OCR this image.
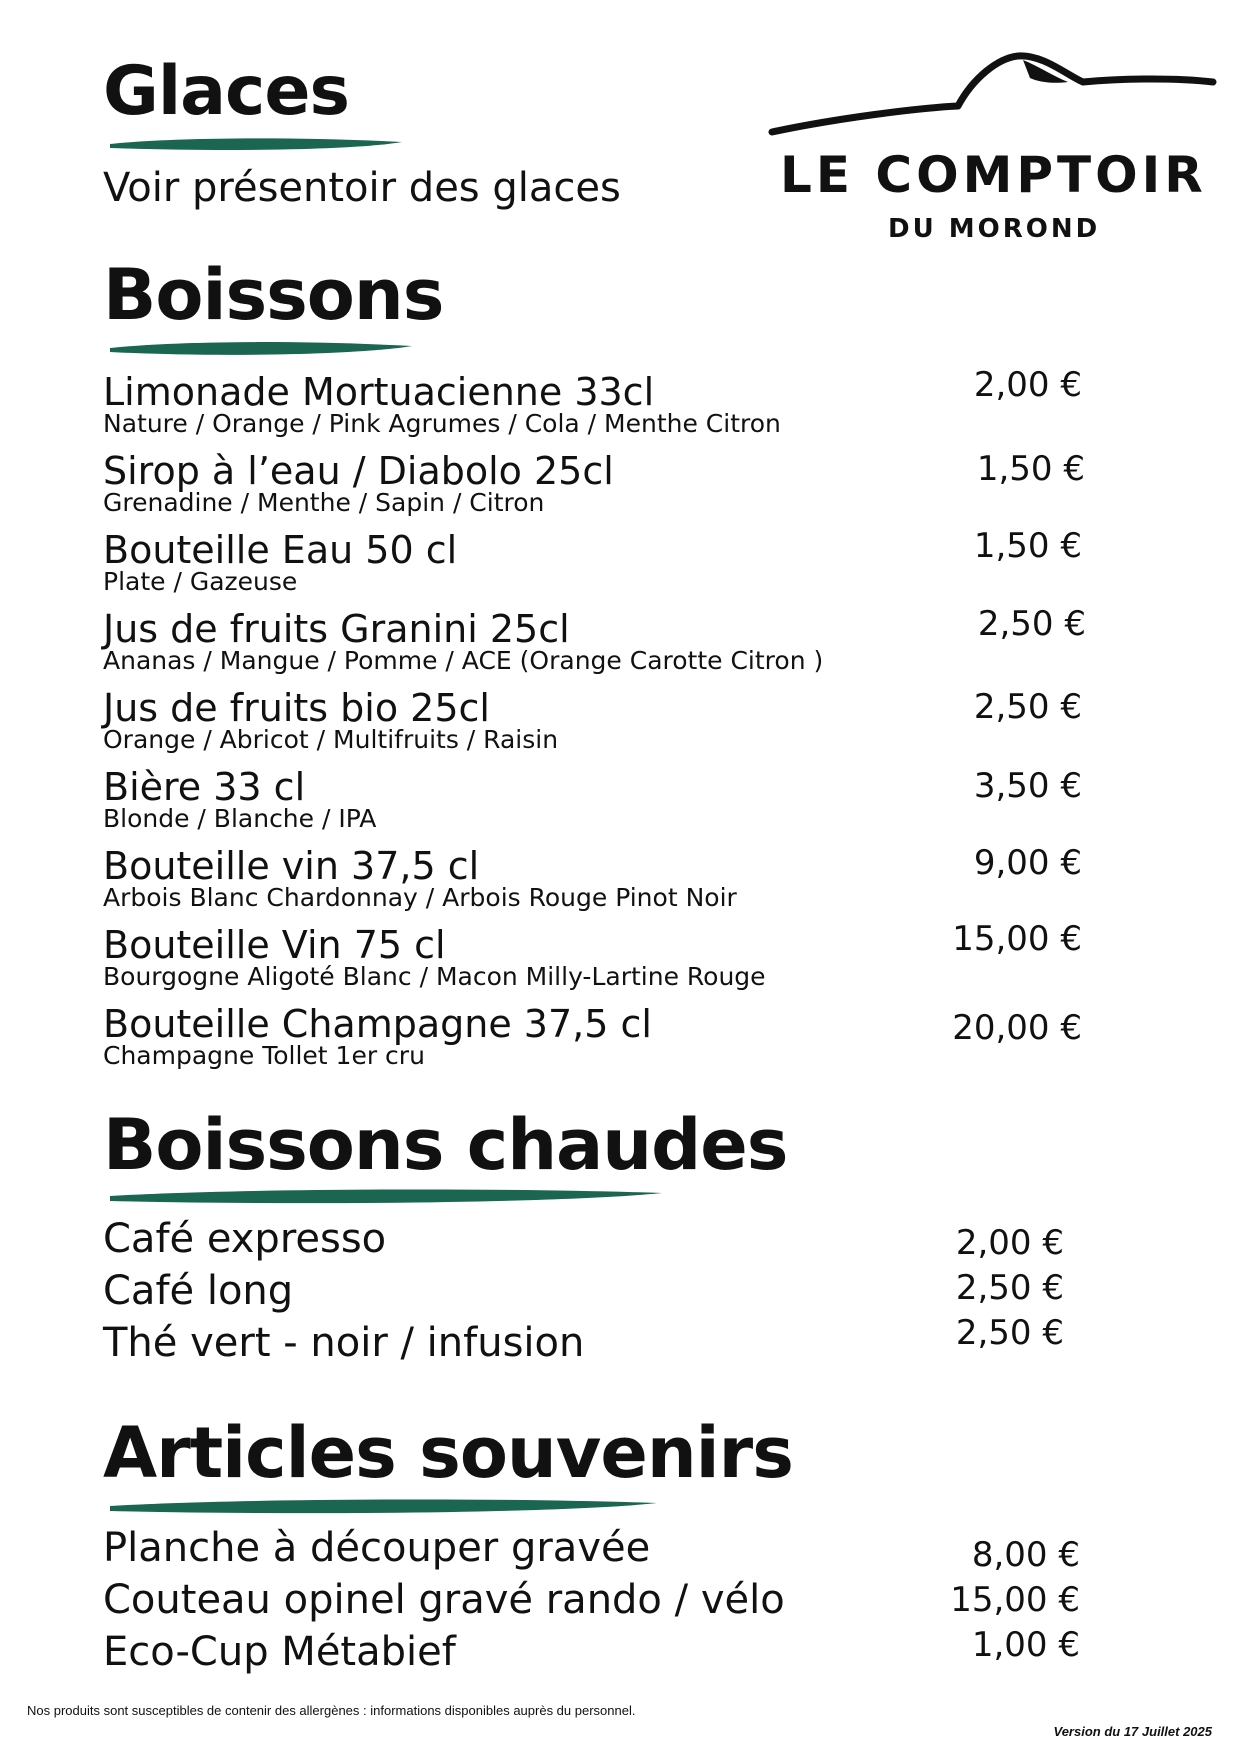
Glaces
Voir présentoir des glaces	LE COMPTOIR
DU MOROND
Boissons
Limonade Mortuacienne 33cl
Nature / Orange / Pink Agrumes / Cola / Menthe Citron
2,00 €
Sirop à l’eau / Diabolo 25cl
Grenadine / Menthe / Sapin / Citron
1,50 €
Bouteille Eau 50 cl
Plate / Gazeuse
1,50 €
Jus de fruits Granini 25cl
Ananas / Mangue / Pomme / ACE (Orange Carotte Citron )
2,50 €
Jus de fruits bio 25cl
Orange / Abricot / Multifruits / Raisin
2,50 €
Bière 33 cl
Blonde / Blanche / IPA
3,50 €
Bouteille vin 37,5 cl
Arbois Blanc Chardonnay / Arbois Rouge Pinot Noir
9,00 €
Bouteille Vin 75 cl
Bourgogne Aligoté Blanc / Macon Milly-Lartine Rouge
15,00 €
Bouteille Champagne 37,5 cl
Champagne Tollet 1er cru
20,00 €
Boissons chaudes
Café expresso	2,00 €
Café long	2,50 €
Thé vert - noir / infusion	2,50 €
Articles souvenirs
Planche à découper gravée	8,00 €
Couteau opinel gravé rando / vélo	15,00 €
Eco-Cup Métabief	1,00 €
Nos produits sont susceptibles de contenir des allergènes : informations disponibles auprès du personnel.
Version du 17 Juillet 2025
